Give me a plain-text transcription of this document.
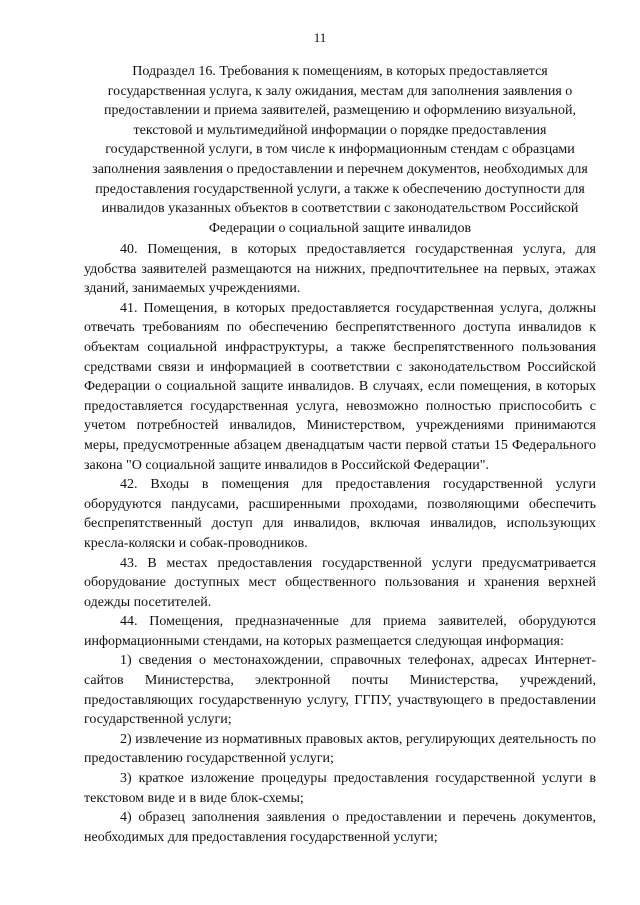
11
Подраздел 16. Требования к помещениям, в которых предоставляется государственная услуга, к залу ожидания, местам для заполнения заявления о предоставлении и приема заявителей, размещению и оформлению визуальной, текстовой и мультимедийной информации о порядке предоставления государственной услуги, в том числе к информационным стендам с образцами заполнения заявления о предоставлении и перечнем документов, необходимых для предоставления государственной услуги, а также к обеспечению доступности для инвалидов указанных объектов в соответствии с законодательством Российской Федерации о социальной защите инвалидов

40. Помещения, в которых предоставляется государственная услуга, для удобства заявителей размещаются на нижних, предпочтительнее на первых, этажах зданий, занимаемых учреждениями.

41. Помещения, в которых предоставляется государственная услуга, должны отвечать требованиям по обеспечению беспрепятственного доступа инвалидов к объектам социальной инфраструктуры, а также беспрепятственного пользования средствами связи и информацией в соответствии с законодательством Российской Федерации о социальной защите инвалидов. В случаях, если помещения, в которых предоставляется государственная услуга, невозможно полностью приспособить с учетом потребностей инвалидов, Министерством, учреждениями принимаются меры, предусмотренные абзацем двенадцатым части первой статьи 15 Федерального закона "О социальной защите инвалидов в Российской Федерации".

42. Входы в помещения для предоставления государственной услуги оборудуются пандусами, расширенными проходами, позволяющими обеспечить беспрепятственный доступ для инвалидов, включая инвалидов, использующих кресла-коляски и собак-проводников.

43. В местах предоставления государственной услуги предусматривается оборудование доступных мест общественного пользования и хранения верхней одежды посетителей.

44. Помещения, предназначенные для приема заявителей, оборудуются информационными стендами, на которых размещается следующая информация:

1) сведения о местонахождении, справочных телефонах, адресах Интернет-сайтов Министерства, электронной почты Министерства, учреждений, предоставляющих государственную услугу, ГГПУ, участвующего в предоставлении государственной услуги;

2) извлечение из нормативных правовых актов, регулирующих деятельность по предоставлению государственной услуги;

3) краткое изложение процедуры предоставления государственной услуги в текстовом виде и в виде блок-схемы;

4) образец заполнения заявления о предоставлении и перечень документов, необходимых для предоставления государственной услуги;
